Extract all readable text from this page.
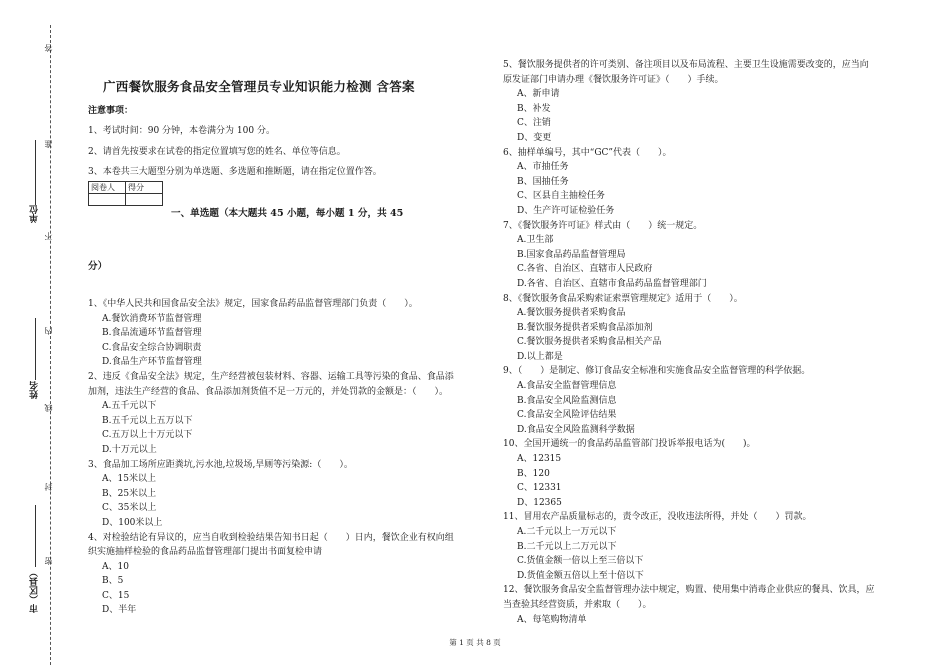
答
准
不
内
线
封
密
单位
姓名
市（区县）
广西餐饮服务食品安全管理员专业知识能力检测 含答案
注意事项：
1、考试时间：90 分钟，本卷满分为 100 分。
2、请首先按要求在试卷的指定位置填写您的姓名、单位等信息。
3、本卷共三大题型分别为单选题、多选题和推断题，请在指定位置作答。
阅卷人	得分

一、单选题（本大题共 45 小题，每小题 1 分，共 45
分）
1、《中华人民共和国食品安全法》规定，国家食品药品监督管理部门负责（　　）。
A.餐饮消费环节监督管理
B.食品流通环节监督管理
C.食品安全综合协调职责
D.食品生产环节监督管理
2、违反《食品安全法》规定，生产经营被包装材料、容器、运输工具等污染的食品、食品添
加剂，违法生产经营的食品、食品添加剂货值不足一万元的，并处罚款的金额是：（　　）。
A.五千元以下
B.五千元以上五万以下
C.五万以上十万元以下
D.十万元以上
3、食品加工场所应距粪坑,污水池,垃圾场,旱厕等污染源:（　　）。
A、15米以上
B、25米以上
C、35米以上
D、100米以上
4、对检验结论有异议的，应当自收到检验结果告知书日起（　　）日内，餐饮企业有权向组
织实施抽样检验的食品药品监督管理部门提出书面复检申请
A、10
B、5
C、15
D、半年
5、餐饮服务提供者的许可类别、备注项目以及布局流程、主要卫生设施需要改变的，应当向
原发证部门申请办理《餐饮服务许可证》（　　）手续。
A、新申请
B、补发
C、注销
D、变更
6、抽样单编号，其中“GC”代表（　　）。
A、市抽任务
B、国抽任务
C、区县自主抽检任务
D、生产许可证检验任务
7、《餐饮服务许可证》样式由（　　）统一规定。
A.卫生部
B.国家食品药品监督管理局
C.各省、自治区、直辖市人民政府
D.各省、自治区、直辖市食品药品监督管理部门
8、《餐饮服务食品采购索证索票管理规定》适用于（　　）。
A.餐饮服务提供者采购食品
B.餐饮服务提供者采购食品添加剂
C.餐饮服务提供者采购食品相关产品
D.以上都是
9、（　　）是制定、修订食品安全标准和实施食品安全监督管理的科学依据。
A.食品安全监督管理信息
B.食品安全风险监测信息
C.食品安全风险评估结果
D.食品安全风险监测科学数据
10、全国开通统一的食品药品监管部门投诉举报电话为(　　)。
A、12315
B、120
C、12331
D、12365
11、冒用农产品质量标志的，责令改正，没收违法所得，并处（　　）罚款。
A.二千元以上一万元以下
B.二千元以上二万元以下
C.货值金额一倍以上至三倍以下
D.货值金额五倍以上至十倍以下
12、餐饮服务食品安全监督管理办法中规定，购置、使用集中消毒企业供应的餐具、饮具，应
当查验其经营资质，并索取（　　）。
A、每笔购物清单
第 1 页 共 8 页
